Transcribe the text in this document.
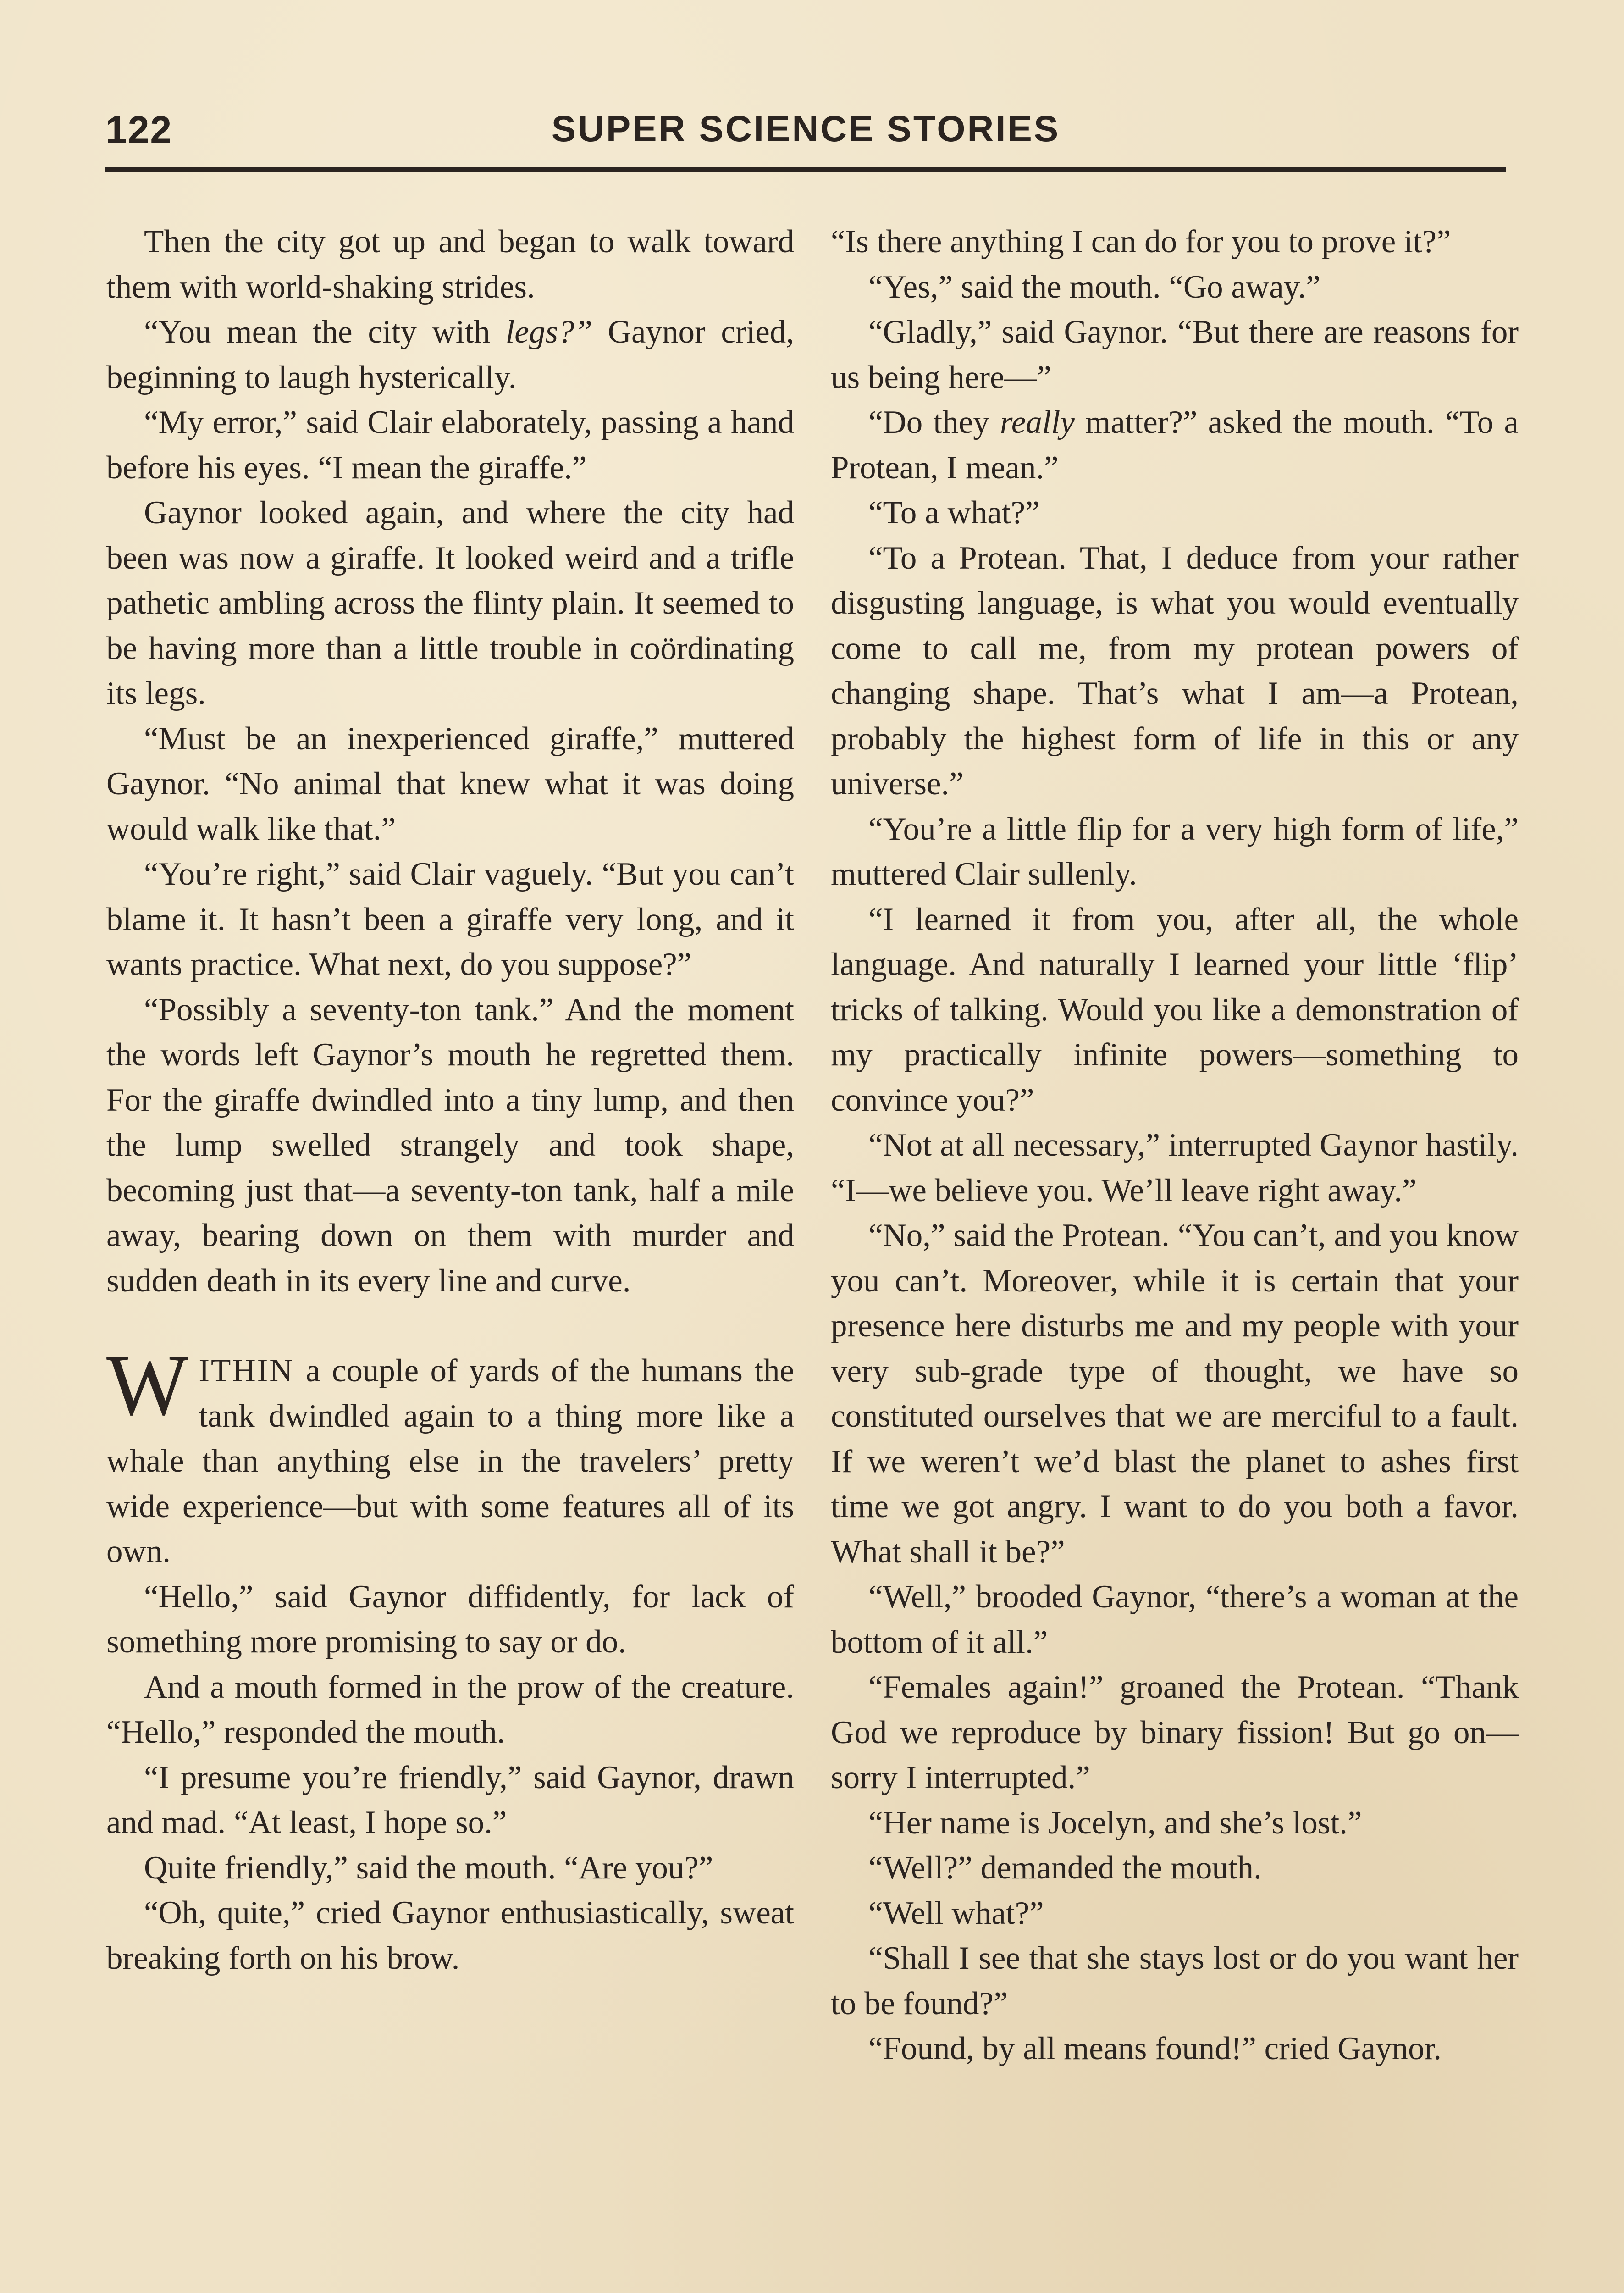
122	SUPER SCIENCE STORIES

Then the city got up and began to walk toward them with world-shaking strides.

“You mean the city with legs?” Gaynor cried, beginning to laugh hysterically.

“My error,” said Clair elaborately, passing a hand before his eyes. “I mean the giraffe.”

Gaynor looked again, and where the city had been was now a giraffe. It looked weird and a trifle pathetic ambling across the flinty plain. It seemed to be having more than a little trouble in coördinating its legs.

“Must be an inexperienced giraffe,” muttered Gaynor. “No animal that knew what it was doing would walk like that.”

“You’re right,” said Clair vaguely. “But you can’t blame it. It hasn’t been a giraffe very long, and it wants practice. What next, do you suppose?”

“Possibly a seventy-ton tank.” And the moment the words left Gaynor’s mouth he regretted them. For the giraffe dwindled into a tiny lump, and then the lump swelled strangely and took shape, becoming just that—a seventy-ton tank, half a mile away, bearing down on them with murder and sudden death in its every line and curve.

WITHIN a couple of yards of the humans the tank dwindled again to a thing more like a whale than anything else in the travelers’ pretty wide experience—but with some features all of its own.

“Hello,” said Gaynor diffidently, for lack of something more promising to say or do.

And a mouth formed in the prow of the creature. “Hello,” responded the mouth.

“I presume you’re friendly,” said Gaynor, drawn and mad. “At least, I hope so.”

Quite friendly,” said the mouth. “Are you?”

“Oh, quite,” cried Gaynor enthusiastically, sweat breaking forth on his brow.

“Is there anything I can do for you to prove it?”

“Yes,” said the mouth. “Go away.”

“Gladly,” said Gaynor. “But there are reasons for us being here—”

“Do they really matter?” asked the mouth. “To a Protean, I mean.”

“To a what?”

“To a Protean. That, I deduce from your rather disgusting language, is what you would eventually come to call me, from my protean powers of changing shape. That’s what I am—a Protean, probably the highest form of life in this or any universe.”

“You’re a little flip for a very high form of life,” muttered Clair sullenly.

“I learned it from you, after all, the whole language. And naturally I learned your little ‘flip’ tricks of talking. Would you like a demonstration of my practically infinite powers—something to convince you?”

“Not at all necessary,” interrupted Gaynor hastily. “I—we believe you. We’ll leave right away.”

“No,” said the Protean. “You can’t, and you know you can’t. Moreover, while it is certain that your presence here disturbs me and my people with your very sub-grade type of thought, we have so constituted ourselves that we are merciful to a fault. If we weren’t we’d blast the planet to ashes first time we got angry. I want to do you both a favor. What shall it be?”

“Well,” brooded Gaynor, “there’s a woman at the bottom of it all.”

“Females again!” groaned the Protean. “Thank God we reproduce by binary fission! But go on—sorry I interrupted.”

“Her name is Jocelyn, and she’s lost.”

“Well?” demanded the mouth.

“Well what?”

“Shall I see that she stays lost or do you want her to be found?”

“Found, by all means found!” cried Gaynor.
